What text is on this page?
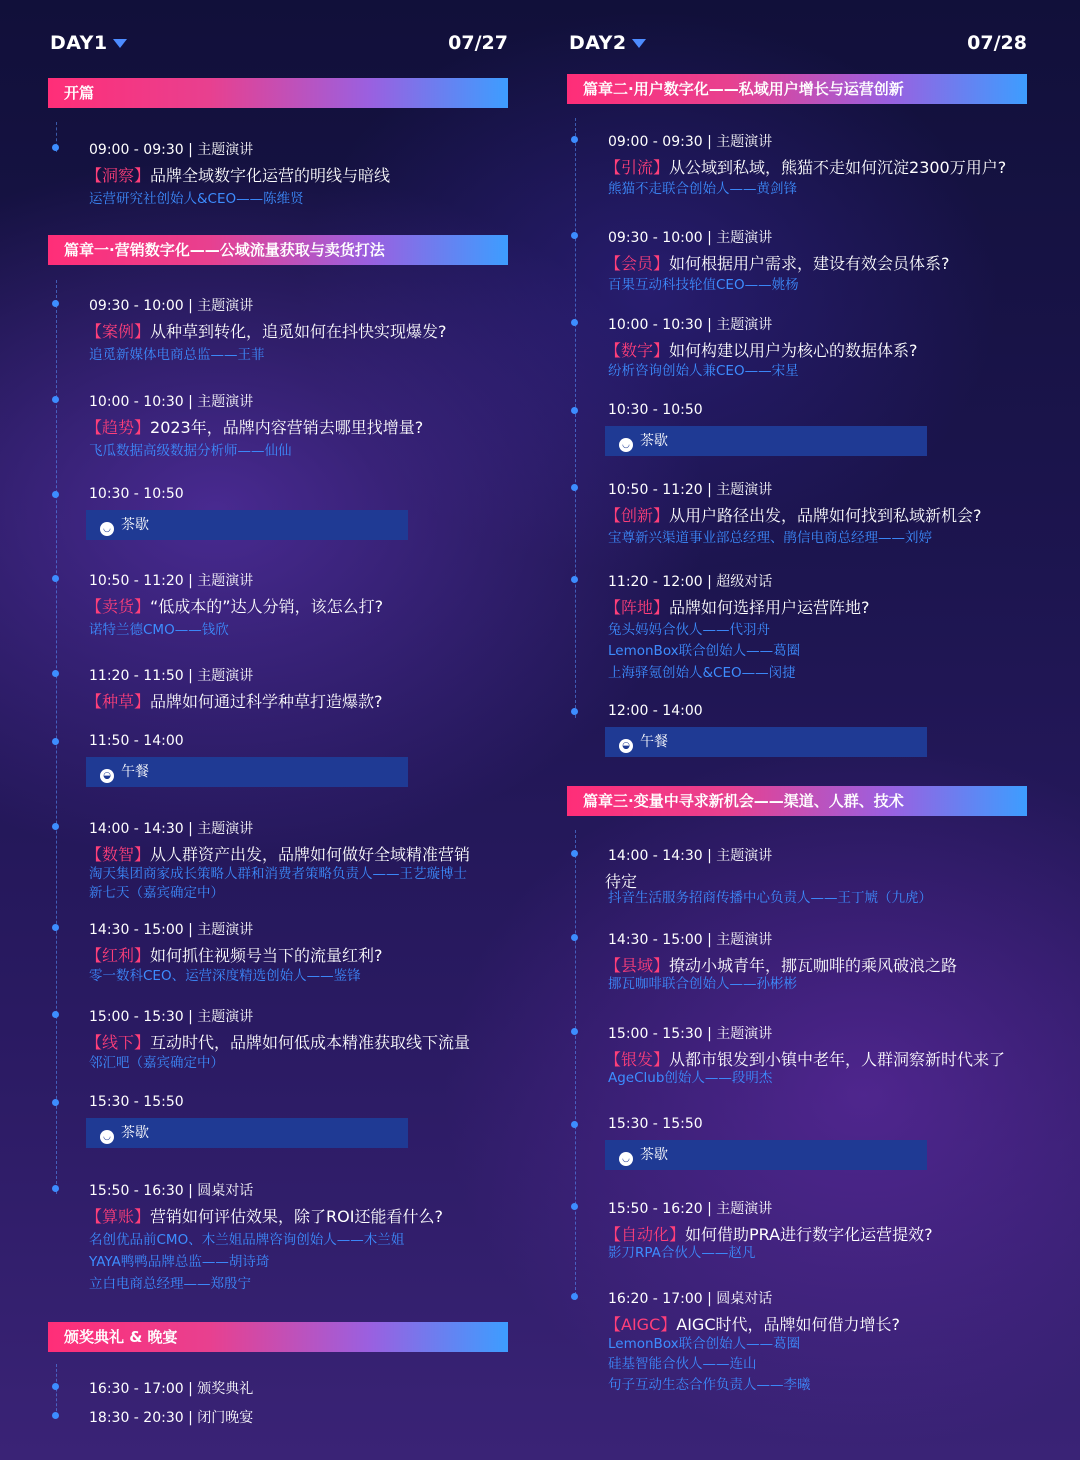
DAY1	07/27
开篇
09:00 - 09:30 | 主题演讲
【洞察】品牌全域数字化运营的明线与暗线
运营研究社创始人&CEO——陈维贤
篇章一·营销数字化——公域流量获取与卖货打法
09:30 - 10:00 | 主题演讲
【案例】从种草到转化，追觅如何在抖快实现爆发?
追觅新媒体电商总监——王菲
10:00 - 10:30 | 主题演讲
【趋势】2023年，品牌内容营销去哪里找增量?
飞瓜数据高级数据分析师——仙仙
10:30 - 10:50
◡ 茶歇
10:50 - 11:20 | 主题演讲
【卖货】“低成本的”达人分销，该怎么打?
诺特兰德CMO——钱欣
11:20 - 11:50 | 主题演讲
【种草】品牌如何通过科学种草打造爆款?
11:50 - 14:00
◒ 午餐
14:00 - 14:30 | 主题演讲
【数智】从人群资产出发，品牌如何做好全域精准营销
淘天集团商家成长策略人群和消费者策略负责人——王艺璇博士
新七天（嘉宾确定中）
14:30 - 15:00 | 主题演讲
【红利】如何抓住视频号当下的流量红利?
零一数科CEO、运营深度精选创始人——鉴锋
15:00 - 15:30 | 主题演讲
【线下】互动时代，品牌如何低成本精准获取线下流量
邻汇吧（嘉宾确定中）
15:30 - 15:50
◡ 茶歇
15:50 - 16:30 | 圆桌对话
【算账】营销如何评估效果，除了ROI还能看什么?
名创优品前CMO、木兰姐品牌咨询创始人——木兰姐
YAYA鸭鸭品牌总监——胡诗琦
立白电商总经理——郑殷宁
颁奖典礼 & 晚宴
16:30 - 17:00 | 颁奖典礼
18:30 - 20:30 | 闭门晚宴
DAY2	07/28
篇章二·用户数字化——私域用户增长与运营创新
09:00 - 09:30 | 主题演讲
【引流】从公域到私域，熊猫不走如何沉淀2300万用户?
熊猫不走联合创始人——黄剑锋
09:30 - 10:00 | 主题演讲
【会员】如何根据用户需求，建设有效会员体系?
百果互动科技轮值CEO——姚杨
10:00 - 10:30 | 主题演讲
【数字】如何构建以用户为核心的数据体系?
纷析咨询创始人兼CEO——宋星
10:30 - 10:50
◡ 茶歇
10:50 - 11:20 | 主题演讲
【创新】从用户路径出发，品牌如何找到私域新机会?
宝尊新兴渠道事业部总经理、鹃信电商总经理——刘婷
11:20 - 12:00 | 超级对话
【阵地】品牌如何选择用户运营阵地?
兔头妈妈合伙人——代羽舟
LemonBox联合创始人——葛圈
上海驿氪创始人&CEO——闵捷
12:00 - 14:00
◒ 午餐
篇章三·变量中寻求新机会——渠道、人群、技术
14:00 - 14:30 | 主题演讲
待定
抖音生活服务招商传播中心负责人——王丁虓（九虎）
14:30 - 15:00 | 主题演讲
【县域】撩动小城青年，挪瓦咖啡的乘风破浪之路
挪瓦咖啡联合创始人——孙彬彬
15:00 - 15:30 | 主题演讲
【银发】从都市银发到小镇中老年，人群洞察新时代来了
AgeClub创始人——段明杰
15:30 - 15:50
◡ 茶歇
15:50 - 16:20 | 主题演讲
【自动化】如何借助PRA进行数字化运营提效?
影刀RPA合伙人——赵凡
16:20 - 17:00 | 圆桌对话
【AIGC】AIGC时代，品牌如何借力增长?
LemonBox联合创始人——葛圈
硅基智能合伙人——连山
句子互动生态合作负责人——李曦
